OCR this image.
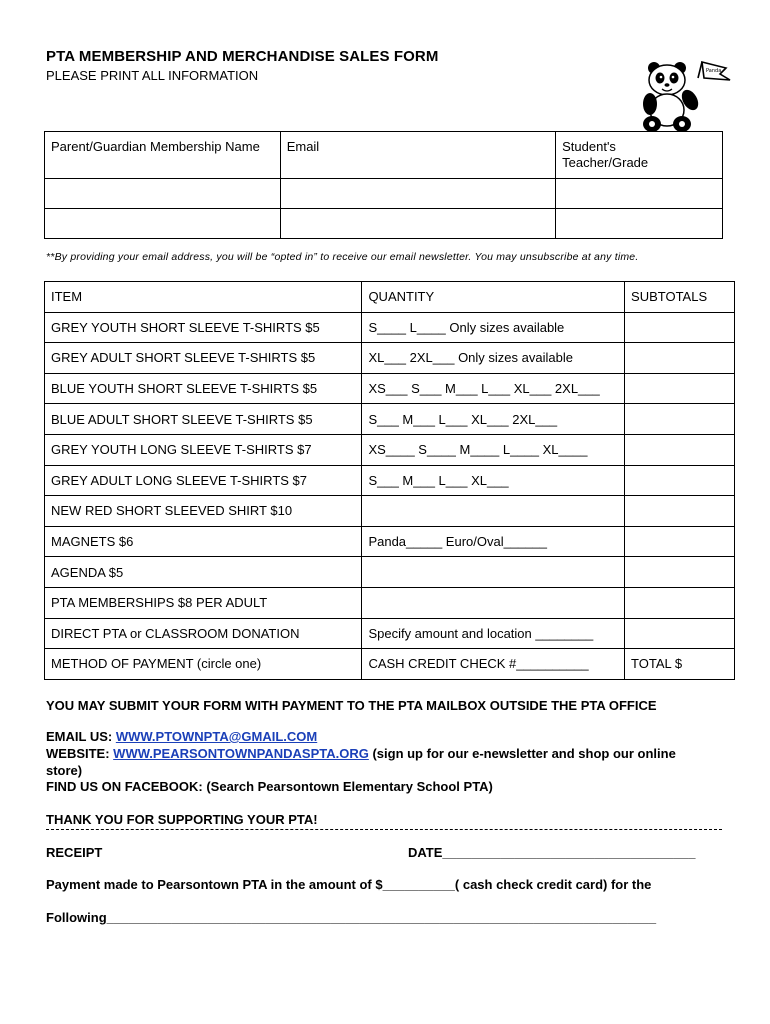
PTA MEMBERSHIP AND MERCHANDISE SALES FORM
PLEASE PRINT ALL INFORMATION	Panda
Parent/Guardian Membership Name	Email	Student's
Teacher/Grade

**By providing your email address, you will be “opted in” to receive our email newsletter. You may unsubscribe at any time.
ITEM	QUANTITY	SUBTOTALS
GREY YOUTH SHORT SLEEVE T-SHIRTS $5	S____ L____ Only sizes available	
GREY ADULT SHORT SLEEVE T-SHIRTS $5	XL___ 2XL___ Only sizes available	
BLUE YOUTH SHORT SLEEVE T-SHIRTS $5	XS___ S___ M___ L___ XL___ 2XL___	
BLUE ADULT SHORT SLEEVE T-SHIRTS $5	S___ M___ L___ XL___ 2XL___	
GREY YOUTH LONG SLEEVE T-SHIRTS $7	XS____ S____ M____ L____ XL____	
GREY ADULT LONG SLEEVE T-SHIRTS $7	S___ M___ L___ XL___	
NEW RED SHORT SLEEVED SHIRT $10		
MAGNETS $6	Panda_____ Euro/Oval______	
AGENDA $5		
PTA MEMBERSHIPS $8 PER ADULT		
DIRECT PTA or CLASSROOM DONATION	Specify amount and location ________	
METHOD OF PAYMENT (circle one)	CASH CREDIT CHECK #__________	TOTAL $
YOU MAY SUBMIT YOUR FORM WITH PAYMENT TO THE PTA MAILBOX OUTSIDE THE PTA OFFICE
EMAIL US: WWW.PTOWNPTA@GMAIL.COM
WEBSITE: WWW.PEARSONTOWNPANDASPTA.ORG (sign up for our e-newsletter and shop our online
store)
FIND US ON FACEBOOK: (Search Pearsontown Elementary School PTA)
THANK YOU FOR SUPPORTING YOUR PTA!
RECEIPT	DATE___________________________________
Payment made to Pearsontown PTA in the amount of $__________( cash check credit card) for the
Following____________________________________________________________________________
